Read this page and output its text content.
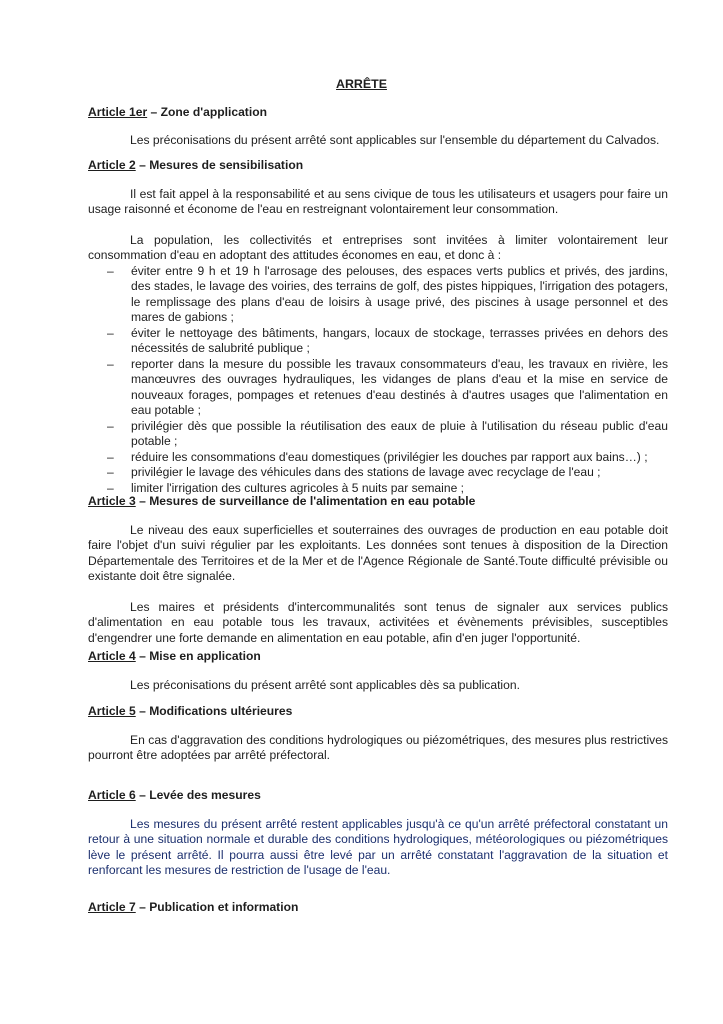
ARRÊTE

Article 1er – Zone d'application

Les préconisations du présent arrêté sont applicables sur l'ensemble du département du Calvados.

Article 2 – Mesures de sensibilisation

Il est fait appel à la responsabilité et au sens civique de tous les utilisateurs et usagers pour faire un usage raisonné et économe de l'eau en restreignant volontairement leur consommation.

La population, les collectivités et entreprises sont invitées à limiter volontairement leur consommation d'eau en adoptant des attitudes économes en eau, et donc à :

– éviter entre 9 h et 19 h l'arrosage des pelouses, des espaces verts publics et privés, des jardins, des stades, le lavage des voiries, des terrains de golf, des pistes hippiques, l'irrigation des potagers, le remplissage des plans d'eau de loisirs à usage privé, des piscines à usage personnel et des mares de gabions ;
– éviter le nettoyage des bâtiments, hangars, locaux de stockage, terrasses privées en dehors des nécessités de salubrité publique ;
– reporter dans la mesure du possible les travaux consommateurs d'eau, les travaux en rivière, les manœuvres des ouvrages hydrauliques, les vidanges de plans d'eau et la mise en service de nouveaux forages, pompages et retenues d'eau destinés à d'autres usages que l'alimentation en eau potable ;
– privilégier dès que possible la réutilisation des eaux de pluie à l'utilisation du réseau public d'eau potable ;
– réduire les consommations d'eau domestiques (privilégier les douches par rapport aux bains…) ;
– privilégier le lavage des véhicules dans des stations de lavage avec recyclage de l'eau ;
– limiter l'irrigation des cultures agricoles à 5 nuits par semaine ;

Article 3 – Mesures de surveillance de l'alimentation en eau potable

Le niveau des eaux superficielles et souterraines des ouvrages de production en eau potable doit faire l'objet d'un suivi régulier par les exploitants. Les données sont tenues à disposition de la Direction Départementale des Territoires et de la Mer et de l'Agence Régionale de Santé.Toute difficulté prévisible ou existante doit être signalée.

Les maires et présidents d'intercommunalités sont tenus de signaler aux services publics d'alimentation en eau potable tous les travaux, activitées et évènements prévisibles, susceptibles d'engendrer une forte demande en alimentation en eau potable, afin d'en juger l'opportunité.

Article 4 – Mise en application

Les préconisations du présent arrêté sont applicables dès sa publication.

Article 5 – Modifications ultérieures

En cas d'aggravation des conditions hydrologiques ou piézométriques, des mesures plus restrictives pourront être adoptées par arrêté préfectoral.

Article 6 – Levée des mesures

Les mesures du présent arrêté restent applicables jusqu'à ce qu'un arrêté préfectoral constatant un retour à une situation normale et durable des conditions hydrologiques, météorologiques ou piézométriques lève le présent arrêté. Il pourra aussi être levé par un arrêté constatant l'aggravation de la situation et renforcant les mesures de restriction de l'usage de l'eau.

Article 7 – Publication et information
